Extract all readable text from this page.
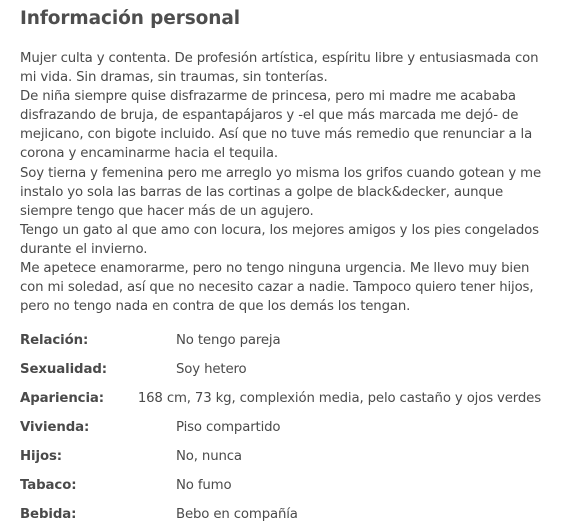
Información personal

Mujer culta y contenta. De profesión artística, espíritu libre y entusiasmada con mi vida. Sin dramas, sin traumas, sin tonterías.

De niña siempre quise disfrazarme de princesa, pero mi madre me acababa disfrazando de bruja, de espantapájaros y -el que más marcada me dejó- de mejicano, con bigote incluido. Así que no tuve más remedio que renunciar a la corona y encaminarme hacia el tequila.

Soy tierna y femenina pero me arreglo yo misma los grifos cuando gotean y me instalo yo sola las barras de las cortinas a golpe de black&decker, aunque siempre tengo que hacer más de un agujero.

Tengo un gato al que amo con locura, los mejores amigos y los pies congelados durante el invierno.

Me apetece enamorarme, pero no tengo ninguna urgencia. Me llevo muy bien con mi soledad, así que no necesito cazar a nadie. Tampoco quiero tener hijos, pero no tengo nada en contra de que los demás los tengan.

Relación:	No tengo pareja
Sexualidad:	Soy hetero
Apariencia:	168 cm, 73 kg, complexión media, pelo castaño y ojos verdes
Vivienda:	Piso compartido
Hijos:	No, nunca
Tabaco:	No fumo
Bebida:	Bebo en compañía
